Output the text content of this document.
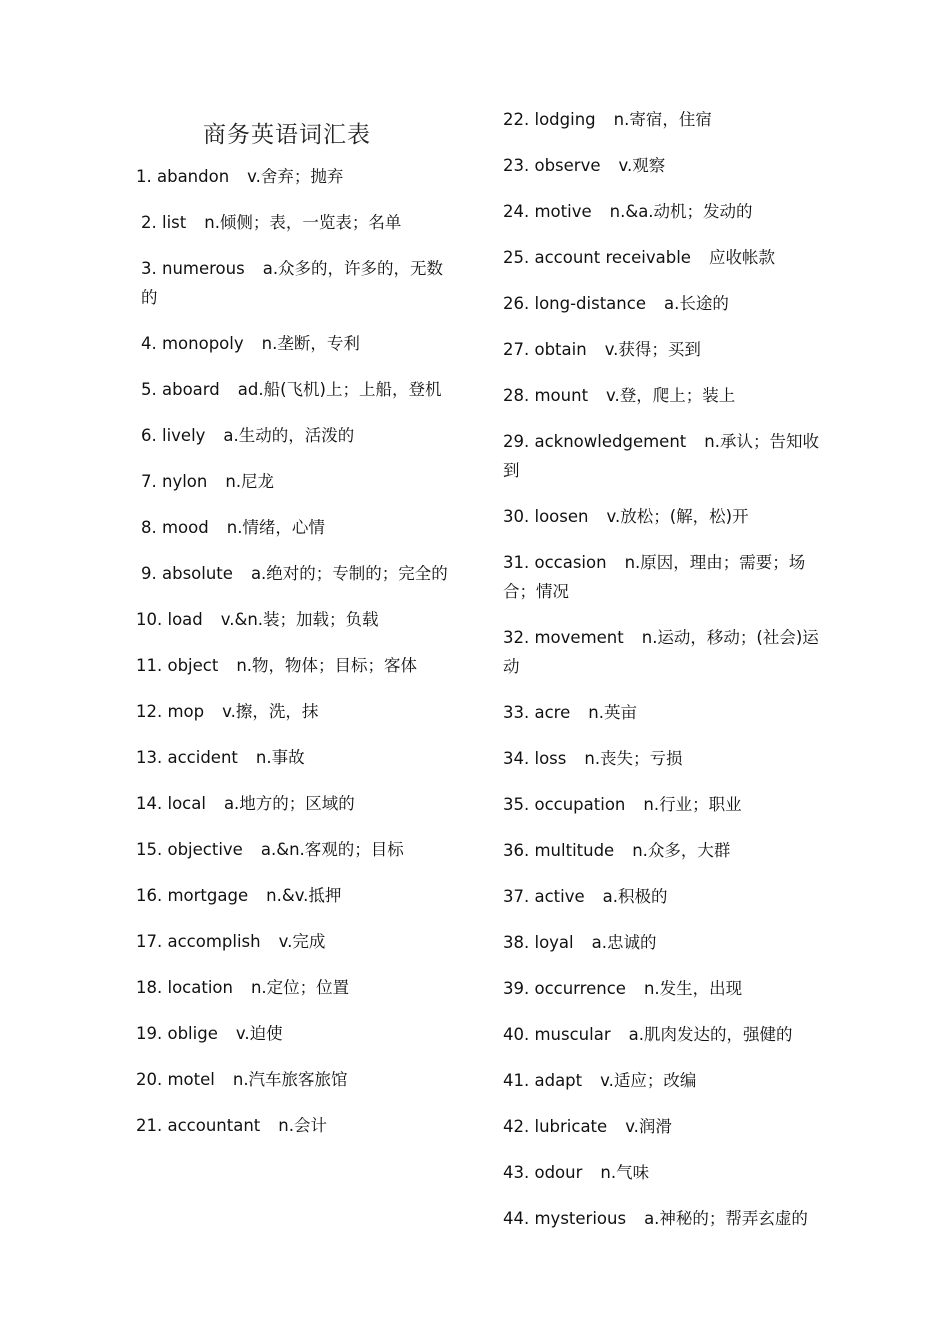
商务英语词汇表
1. abandon v.舍弃；抛弃
2. list n.倾侧；表，一览表；名单
3. numerous a.众多的，许多的，无数的
4. monopoly n.垄断，专利
5. aboard ad.船(飞机)上；上船，登机
6. lively a.生动的，活泼的
7. nylon n.尼龙
8. mood n.情绪，心情
9. absolute a.绝对的；专制的；完全的
10. load v.&n.装；加载；负载
11. object n.物，物体；目标；客体
12. mop v.擦，洗，抹
13. accident n.事故
14. local a.地方的；区域的
15. objective a.&n.客观的；目标
16. mortgage n.&v.抵押
17. accomplish v.完成
18. location n.定位；位置
19. oblige v.迫使
20. motel n.汽车旅客旅馆
21. accountant n.会计
22. lodging n.寄宿，住宿
23. observe v.观察
24. motive n.&a.动机；发动的
25. account receivable 应收帐款
26. long-distance a.长途的
27. obtain v.获得；买到
28. mount v.登，爬上；装上
29. acknowledgement n.承认；告知收到
30. loosen v.放松；(解，松)开
31. occasion n.原因，理由；需要；场合；情况
32. movement n.运动，移动；(社会)运动
33. acre n.英亩
34. loss n.丧失；亏损
35. occupation n.行业；职业
36. multitude n.众多，大群
37. active a.积极的
38. loyal a.忠诚的
39. occurrence n.发生，出现
40. muscular a.肌肉发达的，强健的
41. adapt v.适应；改编
42. lubricate v.润滑
43. odour n.气味
44. mysterious a.神秘的；帮弄玄虚的
